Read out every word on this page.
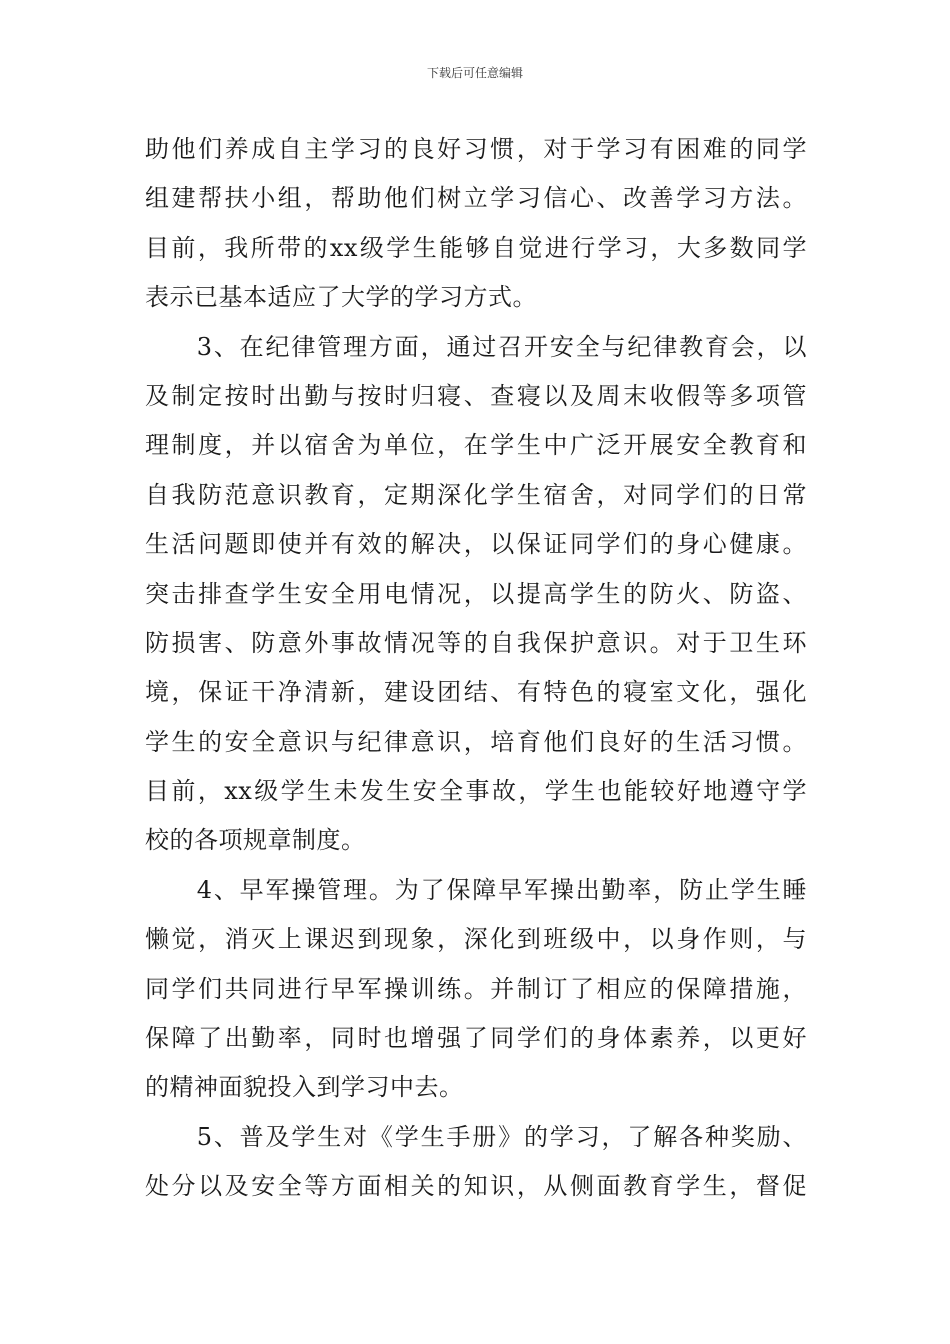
下载后可任意编辑
助他们养成自主学习的良好习惯，对于学习有困难的同学
组建帮扶小组，帮助他们树立学习信心、改善学习方法。
目前，我所带的xx级学生能够自觉进行学习，大多数同学
表示已基本适应了大学的学习方式。
　　3、在纪律管理方面，通过召开安全与纪律教育会，以
及制定按时出勤与按时归寝、查寝以及周末收假等多项管
理制度，并以宿舍为单位，在学生中广泛开展安全教育和
自我防范意识教育，定期深化学生宿舍，对同学们的日常
生活问题即使并有效的解决，以保证同学们的身心健康。
突击排查学生安全用电情况，以提高学生的防火、防盗、
防损害、防意外事故情况等的自我保护意识。对于卫生环
境，保证干净清新，建设团结、有特色的寝室文化，强化
学生的安全意识与纪律意识，培育他们良好的生活习惯。
目前，xx级学生未发生安全事故，学生也能较好地遵守学
校的各项规章制度。
　　4、早军操管理。为了保障早军操出勤率，防止学生睡
懒觉，消灭上课迟到现象，深化到班级中，以身作则，与
同学们共同进行早军操训练。并制订了相应的保障措施，
保障了出勤率，同时也增强了同学们的身体素养，以更好
的精神面貌投入到学习中去。
　　5、普及学生对《学生手册》的学习，了解各种奖励、
处分以及安全等方面相关的知识，从侧面教育学生，督促
